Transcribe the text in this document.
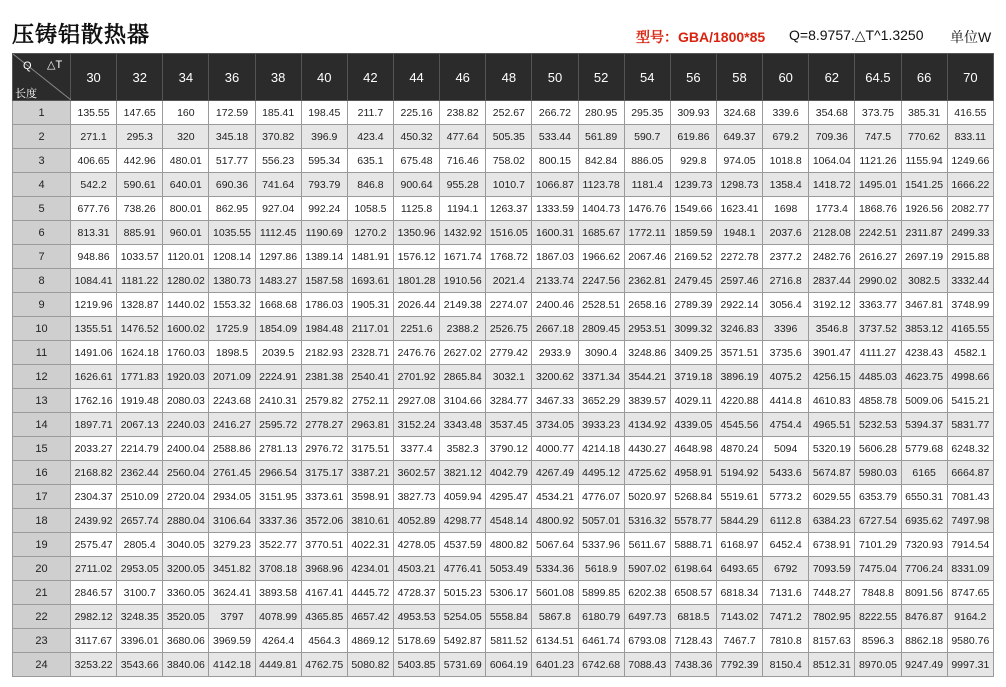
压铸铝散热器	型号：GBA/1800*85 Q=8.9757.△T^1.3250 单位W
Q △T
长度	30	32	34	36	38	40	42	44	46	48	50	52	54	56	58	60	62	64.5	66	70
1	135.55	147.65	160	172.59	185.41	198.45	211.7	225.16	238.82	252.67	266.72	280.95	295.35	309.93	324.68	339.6	354.68	373.75	385.31	416.55
2	271.1	295.3	320	345.18	370.82	396.9	423.4	450.32	477.64	505.35	533.44	561.89	590.7	619.86	649.37	679.2	709.36	747.5	770.62	833.11
3	406.65	442.96	480.01	517.77	556.23	595.34	635.1	675.48	716.46	758.02	800.15	842.84	886.05	929.8	974.05	1018.8	1064.04	1121.26	1155.94	1249.66
4	542.2	590.61	640.01	690.36	741.64	793.79	846.8	900.64	955.28	1010.7	1066.87	1123.78	1181.4	1239.73	1298.73	1358.4	1418.72	1495.01	1541.25	1666.22
5	677.76	738.26	800.01	862.95	927.04	992.24	1058.5	1125.8	1194.1	1263.37	1333.59	1404.73	1476.76	1549.66	1623.41	1698	1773.4	1868.76	1926.56	2082.77
6	813.31	885.91	960.01	1035.55	1112.45	1190.69	1270.2	1350.96	1432.92	1516.05	1600.31	1685.67	1772.11	1859.59	1948.1	2037.6	2128.08	2242.51	2311.87	2499.33
7	948.86	1033.57	1120.01	1208.14	1297.86	1389.14	1481.91	1576.12	1671.74	1768.72	1867.03	1966.62	2067.46	2169.52	2272.78	2377.2	2482.76	2616.27	2697.19	2915.88
8	1084.41	1181.22	1280.02	1380.73	1483.27	1587.58	1693.61	1801.28	1910.56	2021.4	2133.74	2247.56	2362.81	2479.45	2597.46	2716.8	2837.44	2990.02	3082.5	3332.44
9	1219.96	1328.87	1440.02	1553.32	1668.68	1786.03	1905.31	2026.44	2149.38	2274.07	2400.46	2528.51	2658.16	2789.39	2922.14	3056.4	3192.12	3363.77	3467.81	3748.99
10	1355.51	1476.52	1600.02	1725.9	1854.09	1984.48	2117.01	2251.6	2388.2	2526.75	2667.18	2809.45	2953.51	3099.32	3246.83	3396	3546.8	3737.52	3853.12	4165.55
11	1491.06	1624.18	1760.03	1898.5	2039.5	2182.93	2328.71	2476.76	2627.02	2779.42	2933.9	3090.4	3248.86	3409.25	3571.51	3735.6	3901.47	4111.27	4238.43	4582.1
12	1626.61	1771.83	1920.03	2071.09	2224.91	2381.38	2540.41	2701.92	2865.84	3032.1	3200.62	3371.34	3544.21	3719.18	3896.19	4075.2	4256.15	4485.03	4623.75	4998.66
13	1762.16	1919.48	2080.03	2243.68	2410.31	2579.82	2752.11	2927.08	3104.66	3284.77	3467.33	3652.29	3839.57	4029.11	4220.88	4414.8	4610.83	4858.78	5009.06	5415.21
14	1897.71	2067.13	2240.03	2416.27	2595.72	2778.27	2963.81	3152.24	3343.48	3537.45	3734.05	3933.23	4134.92	4339.05	4545.56	4754.4	4965.51	5232.53	5394.37	5831.77
15	2033.27	2214.79	2400.04	2588.86	2781.13	2976.72	3175.51	3377.4	3582.3	3790.12	4000.77	4214.18	4430.27	4648.98	4870.24	5094	5320.19	5606.28	5779.68	6248.32
16	2168.82	2362.44	2560.04	2761.45	2966.54	3175.17	3387.21	3602.57	3821.12	4042.79	4267.49	4495.12	4725.62	4958.91	5194.92	5433.6	5674.87	5980.03	6165	6664.87
17	2304.37	2510.09	2720.04	2934.05	3151.95	3373.61	3598.91	3827.73	4059.94	4295.47	4534.21	4776.07	5020.97	5268.84	5519.61	5773.2	6029.55	6353.79	6550.31	7081.43
18	2439.92	2657.74	2880.04	3106.64	3337.36	3572.06	3810.61	4052.89	4298.77	4548.14	4800.92	5057.01	5316.32	5578.77	5844.29	6112.8	6384.23	6727.54	6935.62	7497.98
19	2575.47	2805.4	3040.05	3279.23	3522.77	3770.51	4022.31	4278.05	4537.59	4800.82	5067.64	5337.96	5611.67	5888.71	6168.97	6452.4	6738.91	7101.29	7320.93	7914.54
20	2711.02	2953.05	3200.05	3451.82	3708.18	3968.96	4234.01	4503.21	4776.41	5053.49	5334.36	5618.9	5907.02	6198.64	6493.65	6792	7093.59	7475.04	7706.24	8331.09
21	2846.57	3100.7	3360.05	3624.41	3893.58	4167.41	4445.72	4728.37	5015.23	5306.17	5601.08	5899.85	6202.38	6508.57	6818.34	7131.6	7448.27	7848.8	8091.56	8747.65
22	2982.12	3248.35	3520.05	3797	4078.99	4365.85	4657.42	4953.53	5254.05	5558.84	5867.8	6180.79	6497.73	6818.5	7143.02	7471.2	7802.95	8222.55	8476.87	9164.2
23	3117.67	3396.01	3680.06	3969.59	4264.4	4564.3	4869.12	5178.69	5492.87	5811.52	6134.51	6461.74	6793.08	7128.43	7467.7	7810.8	8157.63	8596.3	8862.18	9580.76
24	3253.22	3543.66	3840.06	4142.18	4449.81	4762.75	5080.82	5403.85	5731.69	6064.19	6401.23	6742.68	7088.43	7438.36	7792.39	8150.4	8512.31	8970.05	9247.49	9997.31
